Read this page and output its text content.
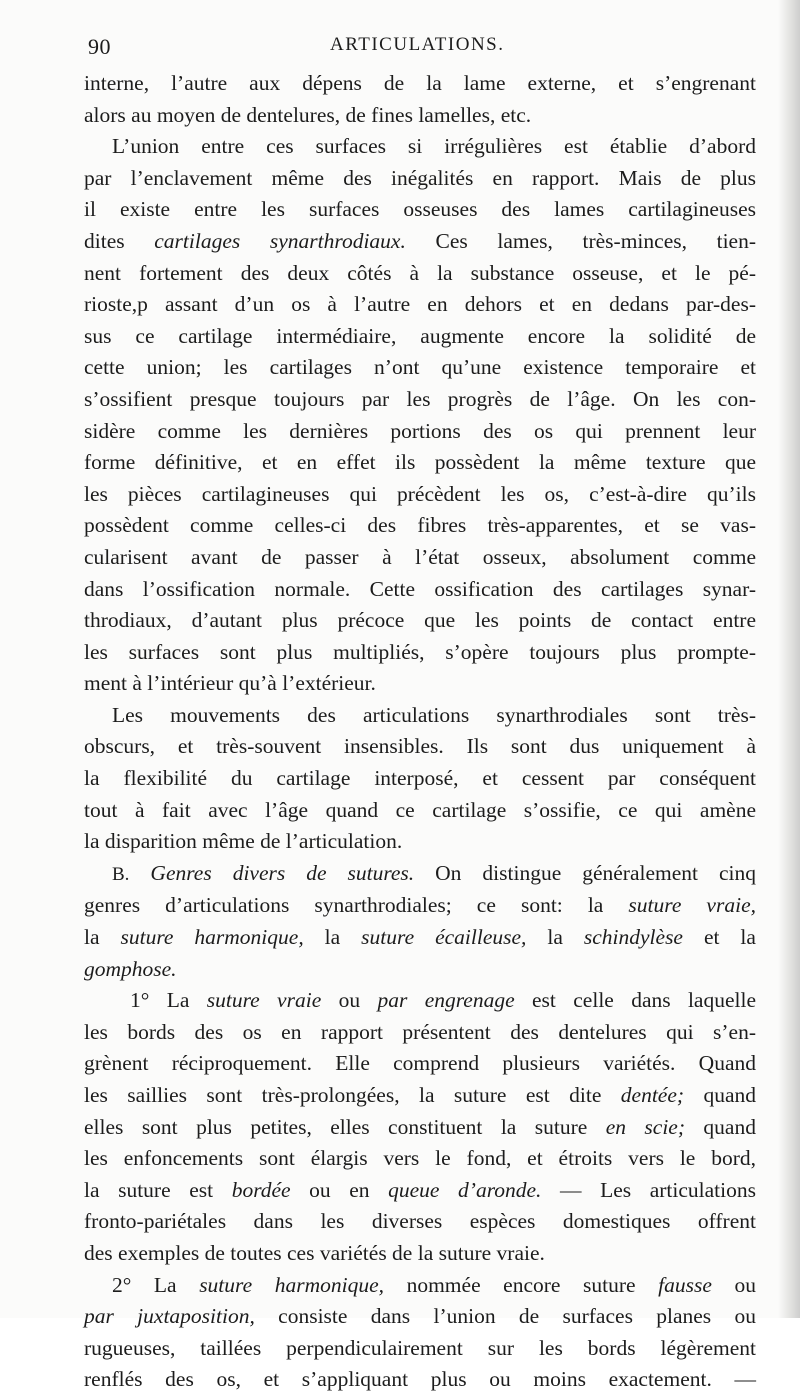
90	ARTICULATIONS.
interne, l’autre aux dépens de la lame externe, et s’engrenant
alors au moyen de dentelures, de fines lamelles, etc.
L’union entre ces surfaces si irrégulières est établie d’abord
par l’enclavement même des inégalités en rapport. Mais de plus
il existe entre les surfaces osseuses des lames cartilagineuses
dites cartilages synarthrodiaux. Ces lames, très-minces, tien-
nent fortement des deux côtés à la substance osseuse, et le pé-
rioste,p assant d’un os à l’autre en dehors et en dedans par-des-
sus ce cartilage intermédiaire, augmente encore la solidité de
cette union; les cartilages n’ont qu’une existence temporaire et
s’ossifient presque toujours par les progrès de l’âge. On les con-
sidère comme les dernières portions des os qui prennent leur
forme définitive, et en effet ils possèdent la même texture que
les pièces cartilagineuses qui précèdent les os, c’est-à-dire qu’ils
possèdent comme celles-ci des fibres très-apparentes, et se vas-
cularisent avant de passer à l’état osseux, absolument comme
dans l’ossification normale. Cette ossification des cartilages synar-
throdiaux, d’autant plus précoce que les points de contact entre
les surfaces sont plus multipliés, s’opère toujours plus prompte-
ment à l’intérieur qu’à l’extérieur.
Les mouvements des articulations synarthrodiales sont très-
obscurs, et très-souvent insensibles. Ils sont dus uniquement à
la flexibilité du cartilage interposé, et cessent par conséquent
tout à fait avec l’âge quand ce cartilage s’ossifie, ce qui amène
la disparition même de l’articulation.
B. Genres divers de sutures. On distingue généralement cinq
genres d’articulations synarthrodiales; ce sont: la suture vraie,
la suture harmonique, la suture écailleuse, la schindylèse et la
gomphose.
1° La suture vraie ou par engrenage est celle dans laquelle
les bords des os en rapport présentent des dentelures qui s’en-
grènent réciproquement. Elle comprend plusieurs variétés. Quand
les saillies sont très-prolongées, la suture est dite dentée; quand
elles sont plus petites, elles constituent la suture en scie; quand
les enfoncements sont élargis vers le fond, et étroits vers le bord,
la suture est bordée ou en queue d’aronde. — Les articulations
fronto-pariétales dans les diverses espèces domestiques offrent
des exemples de toutes ces variétés de la suture vraie.
2° La suture harmonique, nommée encore suture fausse ou
par juxtaposition, consiste dans l’union de surfaces planes ou
rugueuses, taillées perpendiculairement sur les bords légèrement
renflés des os, et s’appliquant plus ou moins exactement. —
